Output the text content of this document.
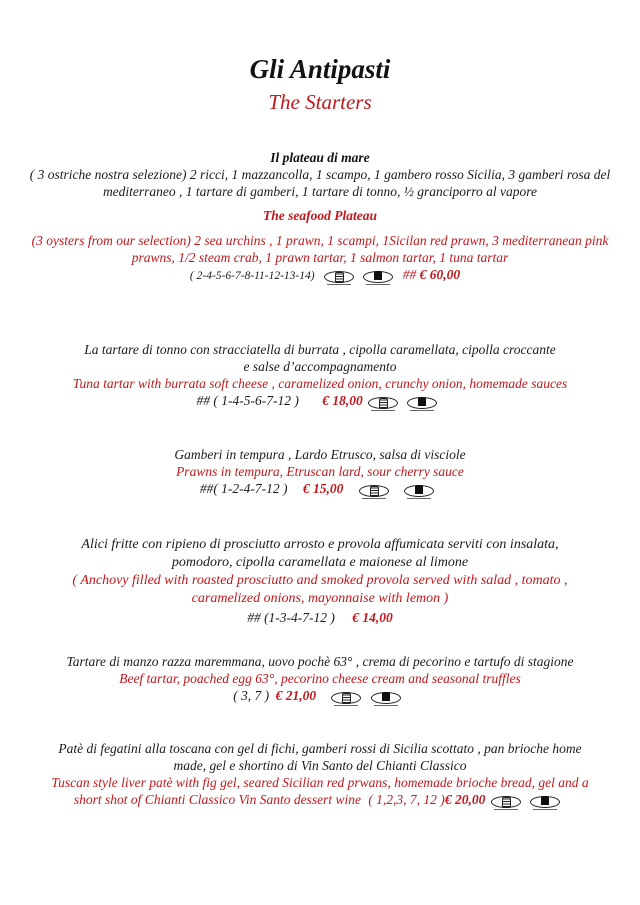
Gli Antipasti
The Starters
Il plateau di mare
( 3 ostriche nostra selezione) 2 ricci, 1 mazzancolla, 1 scampo, 1 gambero rosso Sicilia, 3 gamberi rosa del
mediterraneo , 1 tartare di gamberi, 1 tartare di tonno, ½ granciporro al vapore
The seafood Plateau
(3 oysters from our selection) 2 sea urchins , 1 prawn, 1 scampi, 1Sicilan red prawn, 3 mediterranean pink
prawns, 1/2 steam crab, 1 prawn tartar, 1 salmon tartar, 1 tuna tartar
( 2-4-5-6-7-8-11-12-13-14)
	## € 60,00
La tartare di tonno con stracciatella di burrata , cipolla caramellata, cipolla croccante
e salse d’accompagnamento
Tuna tartar with burrata soft cheese , caramelized onion, crunchy onion, homemade sauces
## ( 1-4-5-6-7-12 ) € 18,00

Gamberi in tempura , Lardo Etrusco, salsa di visciole
Prawns in tempura, Etruscan lard, sour cherry sauce
##( 1-2-4-7-12 ) € 15,00

Alici fritte con ripieno di prosciutto arrosto e provola affumicata serviti con insalata,
pomodoro, cipolla caramellata e maionese al limone
( Anchovy filled with roasted prosciutto and smoked provola served with salad , tomato ,
caramelized onions, mayonnaise with lemon )
## (1-3-4-7-12 ) € 14,00
Tartare di manzo razza maremmana, uovo pochè 63° , crema di pecorino e tartufo di stagione
Beef tartar, poached egg 63°, pecorino cheese cream and seasonal truffles
( 3, 7 ) € 21,00

Patè di fegatini alla toscana con gel di fichi, gamberi rossi di Sicilia scottato , pan brioche home
made, gel e shortino di Vin Santo del Chianti Classico
Tuscan style liver patè with fig gel, seared Sicilian red prwans, homemade brioche bread, gel and a
short shot of Chianti Classico Vin Santo dessert wine ( 1,2,3, 7, 12 )€ 20,00
